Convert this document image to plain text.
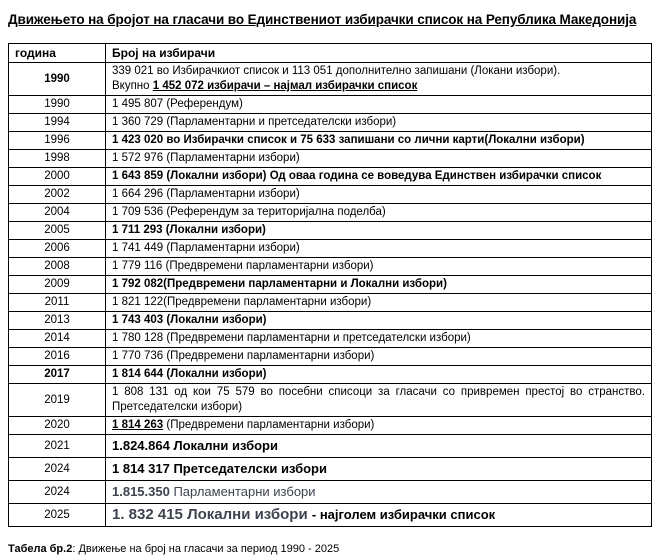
Движењето на бројот на гласачи во Единствениот избирачки список на Република Македонија
година	Број на избирачи
1990	339 021 во Избирачкиот список и 113 051 дополнително запишани (Локани избори).
Вкупно 1 452 072 избирачи – најмал избирачки список
1990	1 495 807 (Референдум)
1994	1 360 729 (Парламентарни и претседателски избори)
1996	1 423 020 во Избирачки список и 75 633 запишани со лични карти(Локални избори)
1998	1 572 976 (Парламентарни избори)
2000	1 643 859 (Локални избори) Од оваа година се воведува Единствен избирачки список
2002	1 664 296 (Парламентарни избори)
2004	1 709 536 (Референдум за територијална поделба)
2005	1 711 293 (Локални избори)
2006	1 741 449 (Парламентарни избори)
2008	1 779 116 (Предвремени парламентарни избори)
2009	1 792 082(Предвремени парламентарни и Локални избори)
2011	1 821 122(Предвремени парламентарни избори)
2013	1 743 403 (Локални избори)
2014	1 780 128 (Предвремени парламентарни и претседателски избори)
2016	1 770 736 (Предвремени парламентарни избори)
2017	1 814 644 (Локални избори)
2019	1 808 131 од кои 75 579 во посебни списоци за гласачи со привремен престој во странство. Претседателски избори)
2020	1 814 263 (Предвремени парламентарни избори)
2021	1.824.864 Локални избори
2024	1 814 317 Претседателски избори
2024	1.815.350 Парламентарни избори
2025	1. 832 415 Локални избори - најголем избирачки список
Табела бр.2: Движење на број на гласачи за период 1990 - 2025
